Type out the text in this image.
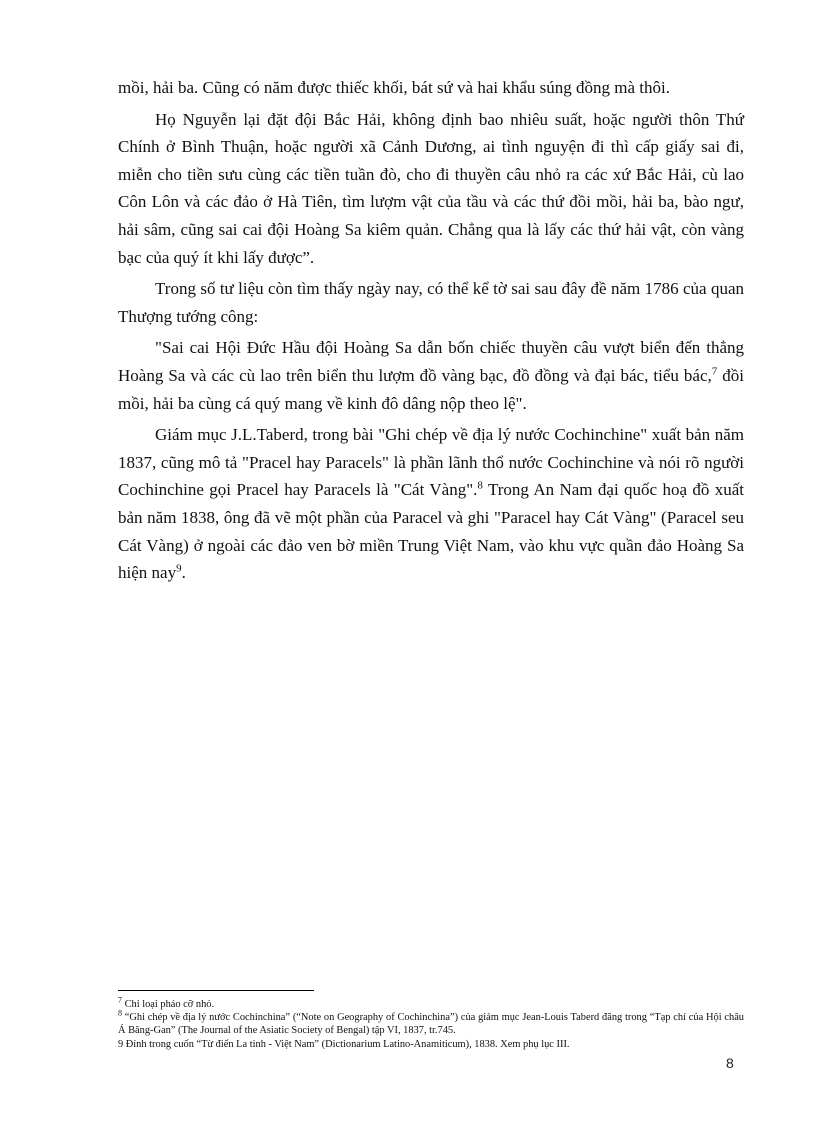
mồi, hải ba. Cũng có năm được thiếc khối, bát sứ và hai khẩu súng đồng mà thôi.

Họ Nguyễn lại đặt đội Bắc Hải, không định bao nhiêu suất, hoặc người thôn Thứ Chính ở Bình Thuận, hoặc người xã Cảnh Dương, ai tình nguyện đi thì cấp giấy sai đi, miễn cho tiền sưu cùng các tiền tuần đò, cho đi thuyền câu nhỏ ra các xứ Bắc Hải, cù lao Côn Lôn và các đảo ở Hà Tiên, tìm lượm vật của tầu và các thứ đồi mồi, hải ba, bào ngư, hải sâm, cũng sai cai đội Hoàng Sa kiêm quản. Chẳng qua là lấy các thứ hải vật, còn vàng bạc của quý ít khi lấy được”.

Trong số tư liệu còn tìm thấy ngày nay, có thể kể tờ sai sau đây đề năm 1786 của quan Thượng tướng công:

"Sai cai Hội Đức Hầu đội Hoàng Sa dẫn bốn chiếc thuyền câu vượt biển đến thẳng Hoàng Sa và các cù lao trên biển thu lượm đồ vàng bạc, đồ đồng và đại bác, tiểu bác,$^7$ đồi mồi, hải ba cùng cá quý mang về kinh đô dâng nộp theo lệ".

Giám mục J.L.Taberd, trong bài "Ghi chép về địa lý nước Cochinchine" xuất bản năm 1837, cũng mô tả "Pracel hay Paracels" là phần lãnh thổ nước Cochinchine và nói rõ người Cochinchine gọi Pracel hay Paracels là "Cát Vàng".$^8$ Trong An Nam đại quốc hoạ đồ xuất bản năm 1838, ông đã vẽ một phần của Paracel và ghi "Paracel hay Cát Vàng" (Paracel seu Cát Vàng) ở ngoài các đảo ven bờ miền Trung Việt Nam, vào khu vực quần đảo Hoàng Sa hiện nay$^9$.

$^7$ Chỉ loại pháo cỡ nhỏ.

$^8$ “Ghi chép về địa lý nước Cochinchina” (“Note on Geography of Cochinchina”) của giám mục Jean-Louis Taberd đăng trong “Tạp chí của Hội châu Á Băng-Gan” (The Journal of the Asiatic Society of Bengal) tập VI, 1837, tr.745.

9 Đính trong cuốn “Từ điển La tinh - Việt Nam” (Dictionarium Latino-Anamiticum), 1838. Xem phụ lục III.

8
